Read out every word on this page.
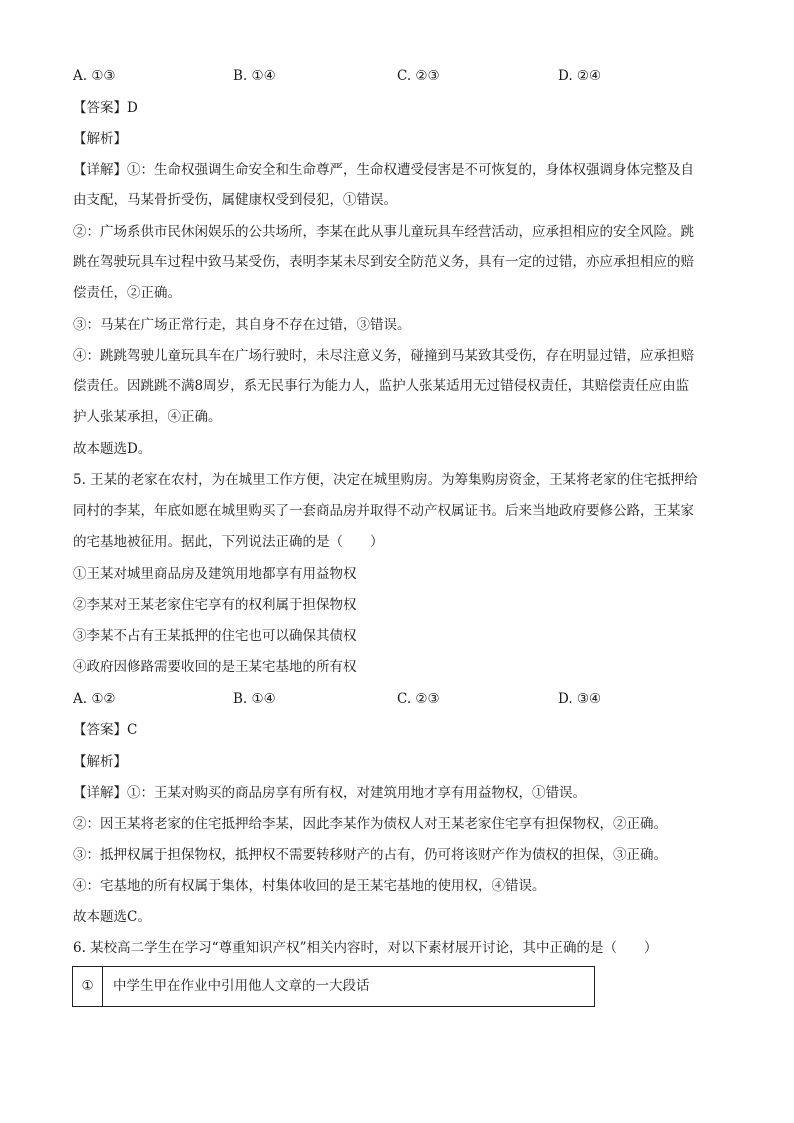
A. ①③	B. ①④	C. ②③	D. ②④
【答案】D
【解析】
【详解】①：生命权强调生命安全和生命尊严，生命权遭受侵害是不可恢复的，身体权强调身体完整及自
由支配，马某骨折受伤，属健康权受到侵犯，①错误。
②：广场系供市民休闲娱乐的公共场所，李某在此从事儿童玩具车经营活动，应承担相应的安全风险。跳
跳在驾驶玩具车过程中致马某受伤，表明李某未尽到安全防范义务，具有一定的过错，亦应承担相应的赔
偿责任，②正确。
③：马某在广场正常行走，其自身不存在过错，③错误。
④：跳跳驾驶儿童玩具车在广场行驶时，未尽注意义务，碰撞到马某致其受伤，存在明显过错，应承担赔
偿责任。因跳跳不满8周岁，系无民事行为能力人，监护人张某适用无过错侵权责任，其赔偿责任应由监
护人张某承担，④正确。
故本题选D。
5. 王某的老家在农村，为在城里工作方便，决定在城里购房。为筹集购房资金，王某将老家的住宅抵押给
同村的李某，年底如愿在城里购买了一套商品房并取得不动产权属证书。后来当地政府要修公路，王某家
的宅基地被征用。据此，下列说法正确的是（　　）
②李某对王某老家住宅享有的权利属于担保物权
①王某对城里商品房及建筑用地都享有用益物权
③李某不占有王某抵押的住宅也可以确保其债权
④政府因修路需要收回的是王某宅基地的所有权
A. ①②	B. ①④	C. ②③	D. ③④
【答案】C
【解析】
【详解】①：王某对购买的商品房享有所有权，对建筑用地才享有用益物权，①错误。
②：因王某将老家的住宅抵押给李某，因此李某作为债权人对王某老家住宅享有担保物权，②正确。
③：抵押权属于担保物权，抵押权不需要转移财产的占有，仍可将该财产作为债权的担保，③正确。
④：宅基地的所有权属于集体，村集体收回的是王某宅基地的使用权，④错误。
故本题选C。
6. 某校高二学生在学习“尊重知识产权”相关内容时，对以下素材展开讨论，其中正确的是（　　）
①	中学生甲在作业中引用他人文章的一大段话
